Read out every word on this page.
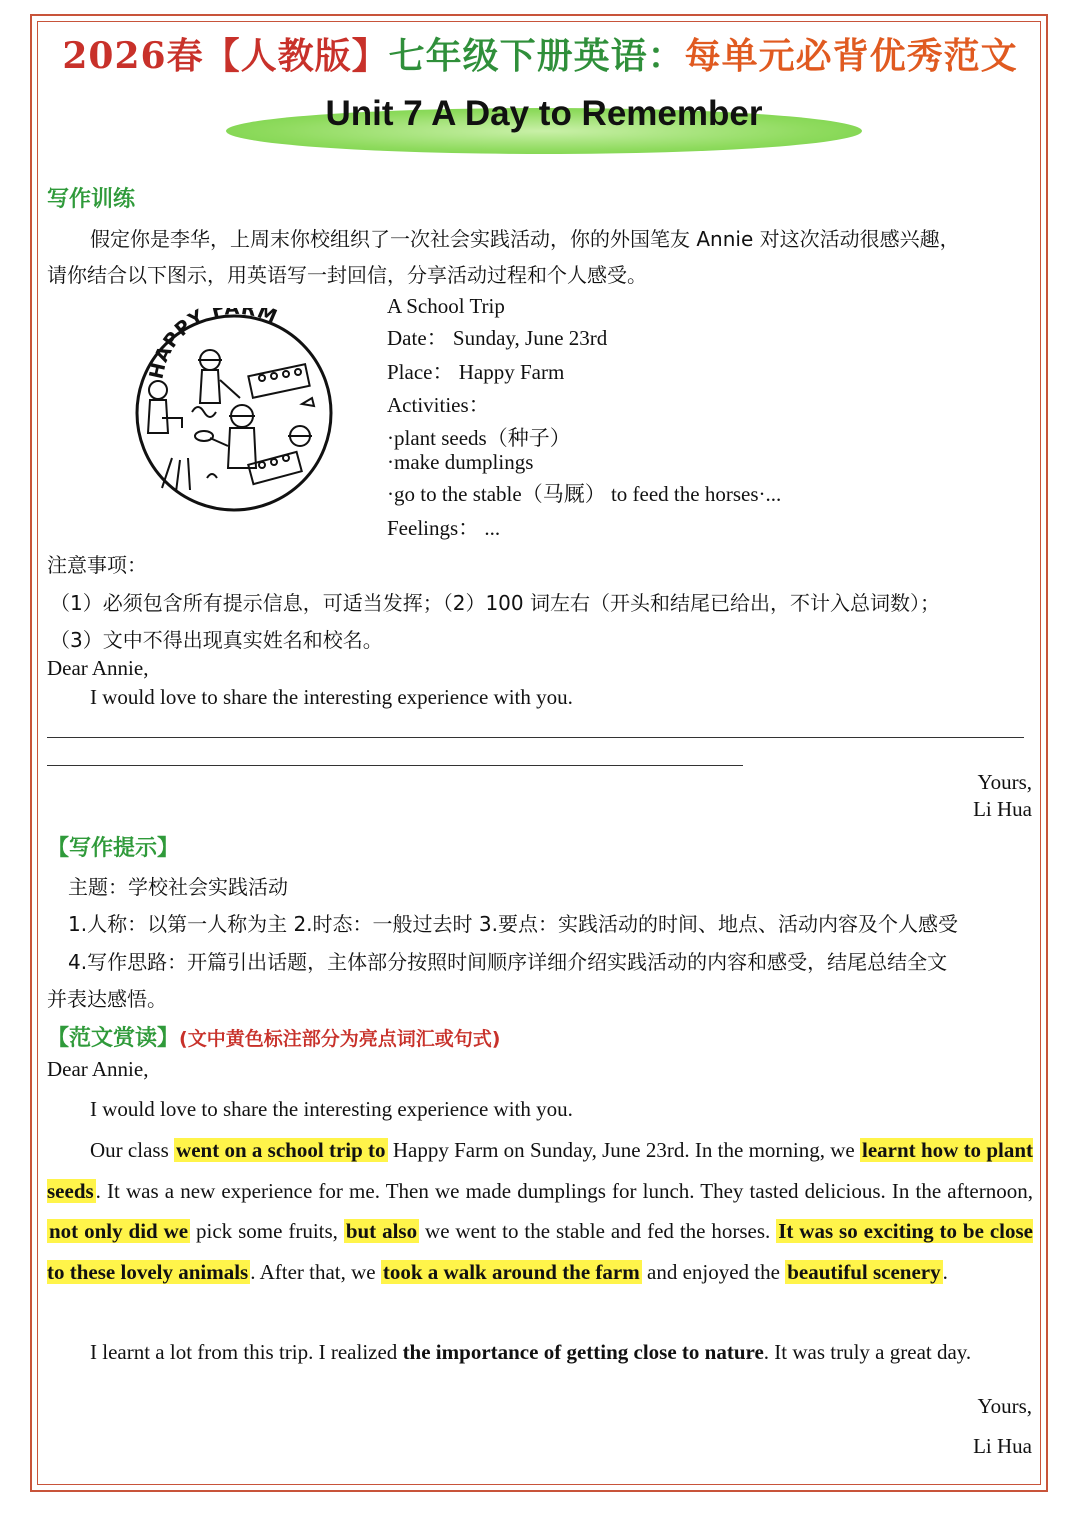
2026春【人教版】七年级下册英语：每单元必背优秀范文
Unit 7 A Day to Remember
写作训练
假定你是李华，上周末你校组织了一次社会实践活动，你的外国笔友 Annie 对这次活动很感兴趣，
请你结合以下图示，用英语写一封回信，分享活动过程和个人感受。
HAPPY FARM	A School Trip
Date： Sunday, June 23rd
Place： Happy Farm
Activities：
·plant seeds（种子）
·make dumplings
·go to the stable（马厩） to feed the horses·...
Feelings： ...
注意事项：
（1）必须包含所有提示信息，可适当发挥；（2）100 词左右（开头和结尾已给出，不计入总词数）；
（3）文中不得出现真实姓名和校名。
Dear Annie,
I would love to share the interesting experience with you.
Yours,
Li Hua
【写作提示】
主题：学校社会实践活动
1.人称：以第一人称为主 2.时态：一般过去时 3.要点：实践活动的时间、地点、活动内容及个人感受
4.写作思路：开篇引出话题，主体部分按照时间顺序详细介绍实践活动的内容和感受，结尾总结全文
并表达感悟。
【范文赏读】(文中黄色标注部分为亮点词汇或句式)
Dear Annie,
I would love to share the interesting experience with you.
Our class went on a school trip to Happy Farm on Sunday, June 23rd. In the morning, we learnt how to plant seeds. It was a new experience for me. Then we made dumplings for lunch. They tasted delicious. In the afternoon, not only did we pick some fruits, but also we went to the stable and fed the horses. It was so exciting to be close to these lovely animals. After that, we took a walk around the farm and enjoyed the beautiful scenery.
I learnt a lot from this trip. I realized the importance of getting close to nature. It was truly a great day.
Yours,
Li Hua
